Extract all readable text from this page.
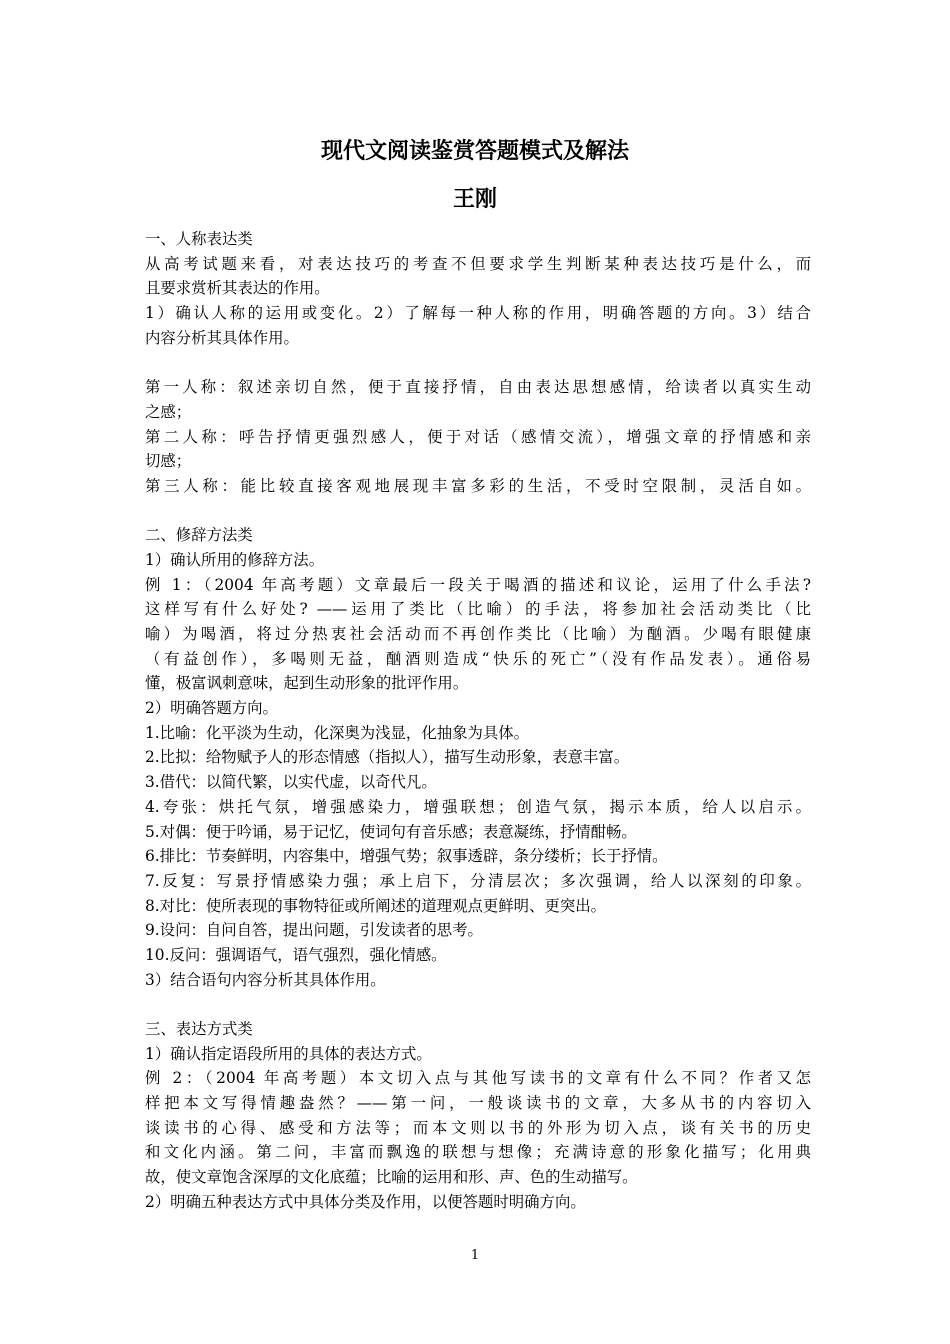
现代文阅读鉴赏答题模式及解法
王刚
一、人称表达类
从高考试题来看，对表达技巧的考查不但要求学生判断某种表达技巧是什么，而
且要求赏析其表达的作用。
1）确认人称的运用或变化。2）了解每一种人称的作用，明确答题的方向。3）结合
内容分析其具体作用。
第一人称：叙述亲切自然，便于直接抒情，自由表达思想感情，给读者以真实生动
之感；
第二人称：呼告抒情更强烈感人，便于对话（感情交流），增强文章的抒情感和亲
切感；
第三人称：能比较直接客观地展现丰富多彩的生活，不受时空限制，灵活自如。
二、修辞方法类
1）确认所用的修辞方法。
例 1：（2004 年高考题）文章最后一段关于喝酒的描述和议论，运用了什么手法?
这样写有什么好处? ——运用了类比（比喻）的手法，将参加社会活动类比（比
喻）为喝酒，将过分热衷社会活动而不再创作类比（比喻）为酗酒。少喝有眼健康
（有益创作），多喝则无益，酗酒则造成“快乐的死亡”（没有作品发表）。通俗易
懂，极富讽刺意味，起到生动形象的批评作用。
2）明确答题方向。
1.比喻：化平淡为生动，化深奥为浅显，化抽象为具体。
2.比拟：给物赋予人的形态情感（指拟人），描写生动形象，表意丰富。
3.借代：以简代繁，以实代虚，以奇代凡。
4.夸张：烘托气氛，增强感染力，增强联想；创造气氛，揭示本质，给人以启示。
5.对偶：便于吟诵，易于记忆，使词句有音乐感；表意凝练，抒情酣畅。
6.排比：节奏鲜明，内容集中，增强气势；叙事透辟，条分缕析；长于抒情。
7.反复：写景抒情感染力强；承上启下，分清层次；多次强调，给人以深刻的印象。
8.对比：使所表现的事物特征或所阐述的道理观点更鲜明、更突出。
9.设问：自问自答，提出问题，引发读者的思考。
10.反问：强调语气，语气强烈，强化情感。
3）结合语句内容分析其具体作用。
三、表达方式类
1）确认指定语段所用的具体的表达方式。
例 2：（2004 年高考题）本文切入点与其他写读书的文章有什么不同？作者又怎
样把本文写得情趣盎然？——第一问，一般谈读书的文章，大多从书的内容切入
谈读书的心得、感受和方法等；而本文则以书的外形为切入点，谈有关书的历史
和文化内涵。第二问，丰富而飘逸的联想与想像；充满诗意的形象化描写；化用典
故，使文章饱含深厚的文化底蕴；比喻的运用和形、声、色的生动描写。
2）明确五种表达方式中具体分类及作用，以便答题时明确方向。
1
